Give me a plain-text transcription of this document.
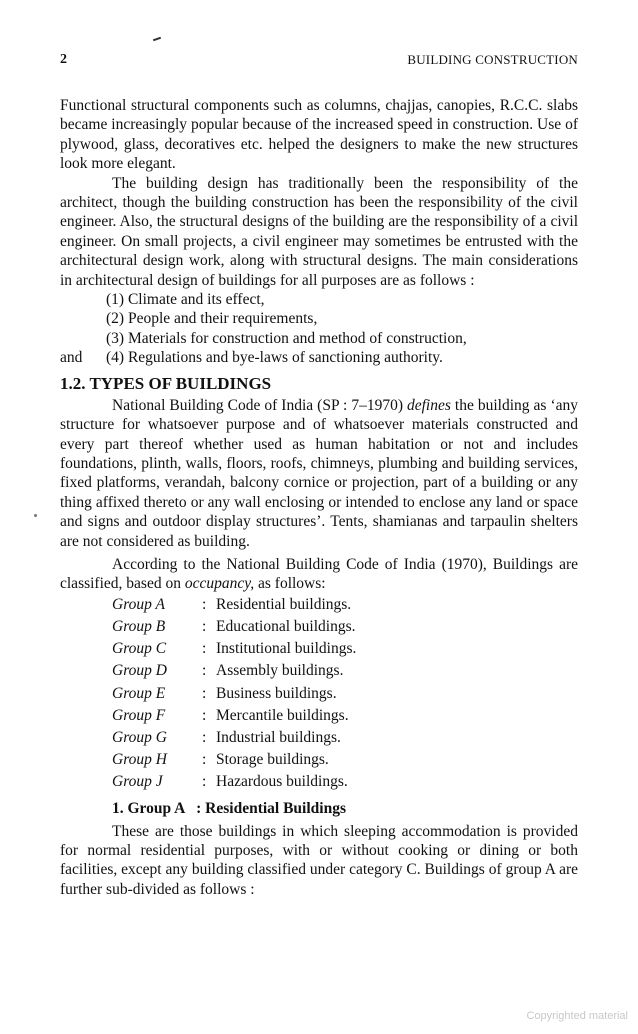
2	BUILDING CONSTRUCTION

Functional structural components such as columns, chajjas, canopies, R.C.C. slabs became increasingly popular because of the increased speed in construction. Use of plywood, glass, decoratives etc. helped the designers to make the new structures look more elegant.

The building design has traditionally been the responsibility of the architect, though the building construction has been the responsibility of the civil engineer. Also, the structural designs of the building are the responsibility of a civil engineer. On small projects, a civil engineer may sometimes be entrusted with the architectural design work, along with structural designs. The main considerations in architectural design of buildings for all purposes are as follows :

(1) Climate and its effect,
(2) People and their requirements,
(3) Materials for construction and method of construction,
and (4) Regulations and bye-laws of sanctioning authority.
1.2. TYPES OF BUILDINGS

National Building Code of India (SP : 7–1970) defines the building as ‘any structure for whatsoever purpose and of whatsoever materials constructed and every part thereof whether used as human habitation or not and includes foundations, plinth, walls, floors, roofs, chimneys, plumbing and building services, fixed platforms, verandah, balcony cornice or projection, part of a building or any thing affixed thereto or any wall enclosing or intended to enclose any land or space and signs and outdoor display structures’. Tents, shamianas and tarpaulin shelters are not considered as building.

According to the National Building Code of India (1970), Buildings are classified, based on occupancy, as follows:

Group A	: Residential buildings.
Group B	: Educational buildings.
Group C	: Institutional buildings.
Group D	: Assembly buildings.
Group E	: Business buildings.
Group F	: Mercantile buildings.
Group G	: Industrial buildings.
Group H	: Storage buildings.
Group J	: Hazardous buildings.
1. Group A   : Residential Buildings

These are those buildings in which sleeping accommodation is provided for normal residential purposes, with or without cooking or dining or both facilities, except any building classified under category C. Buildings of group A are further sub-divided as follows :

Copyrighted material
